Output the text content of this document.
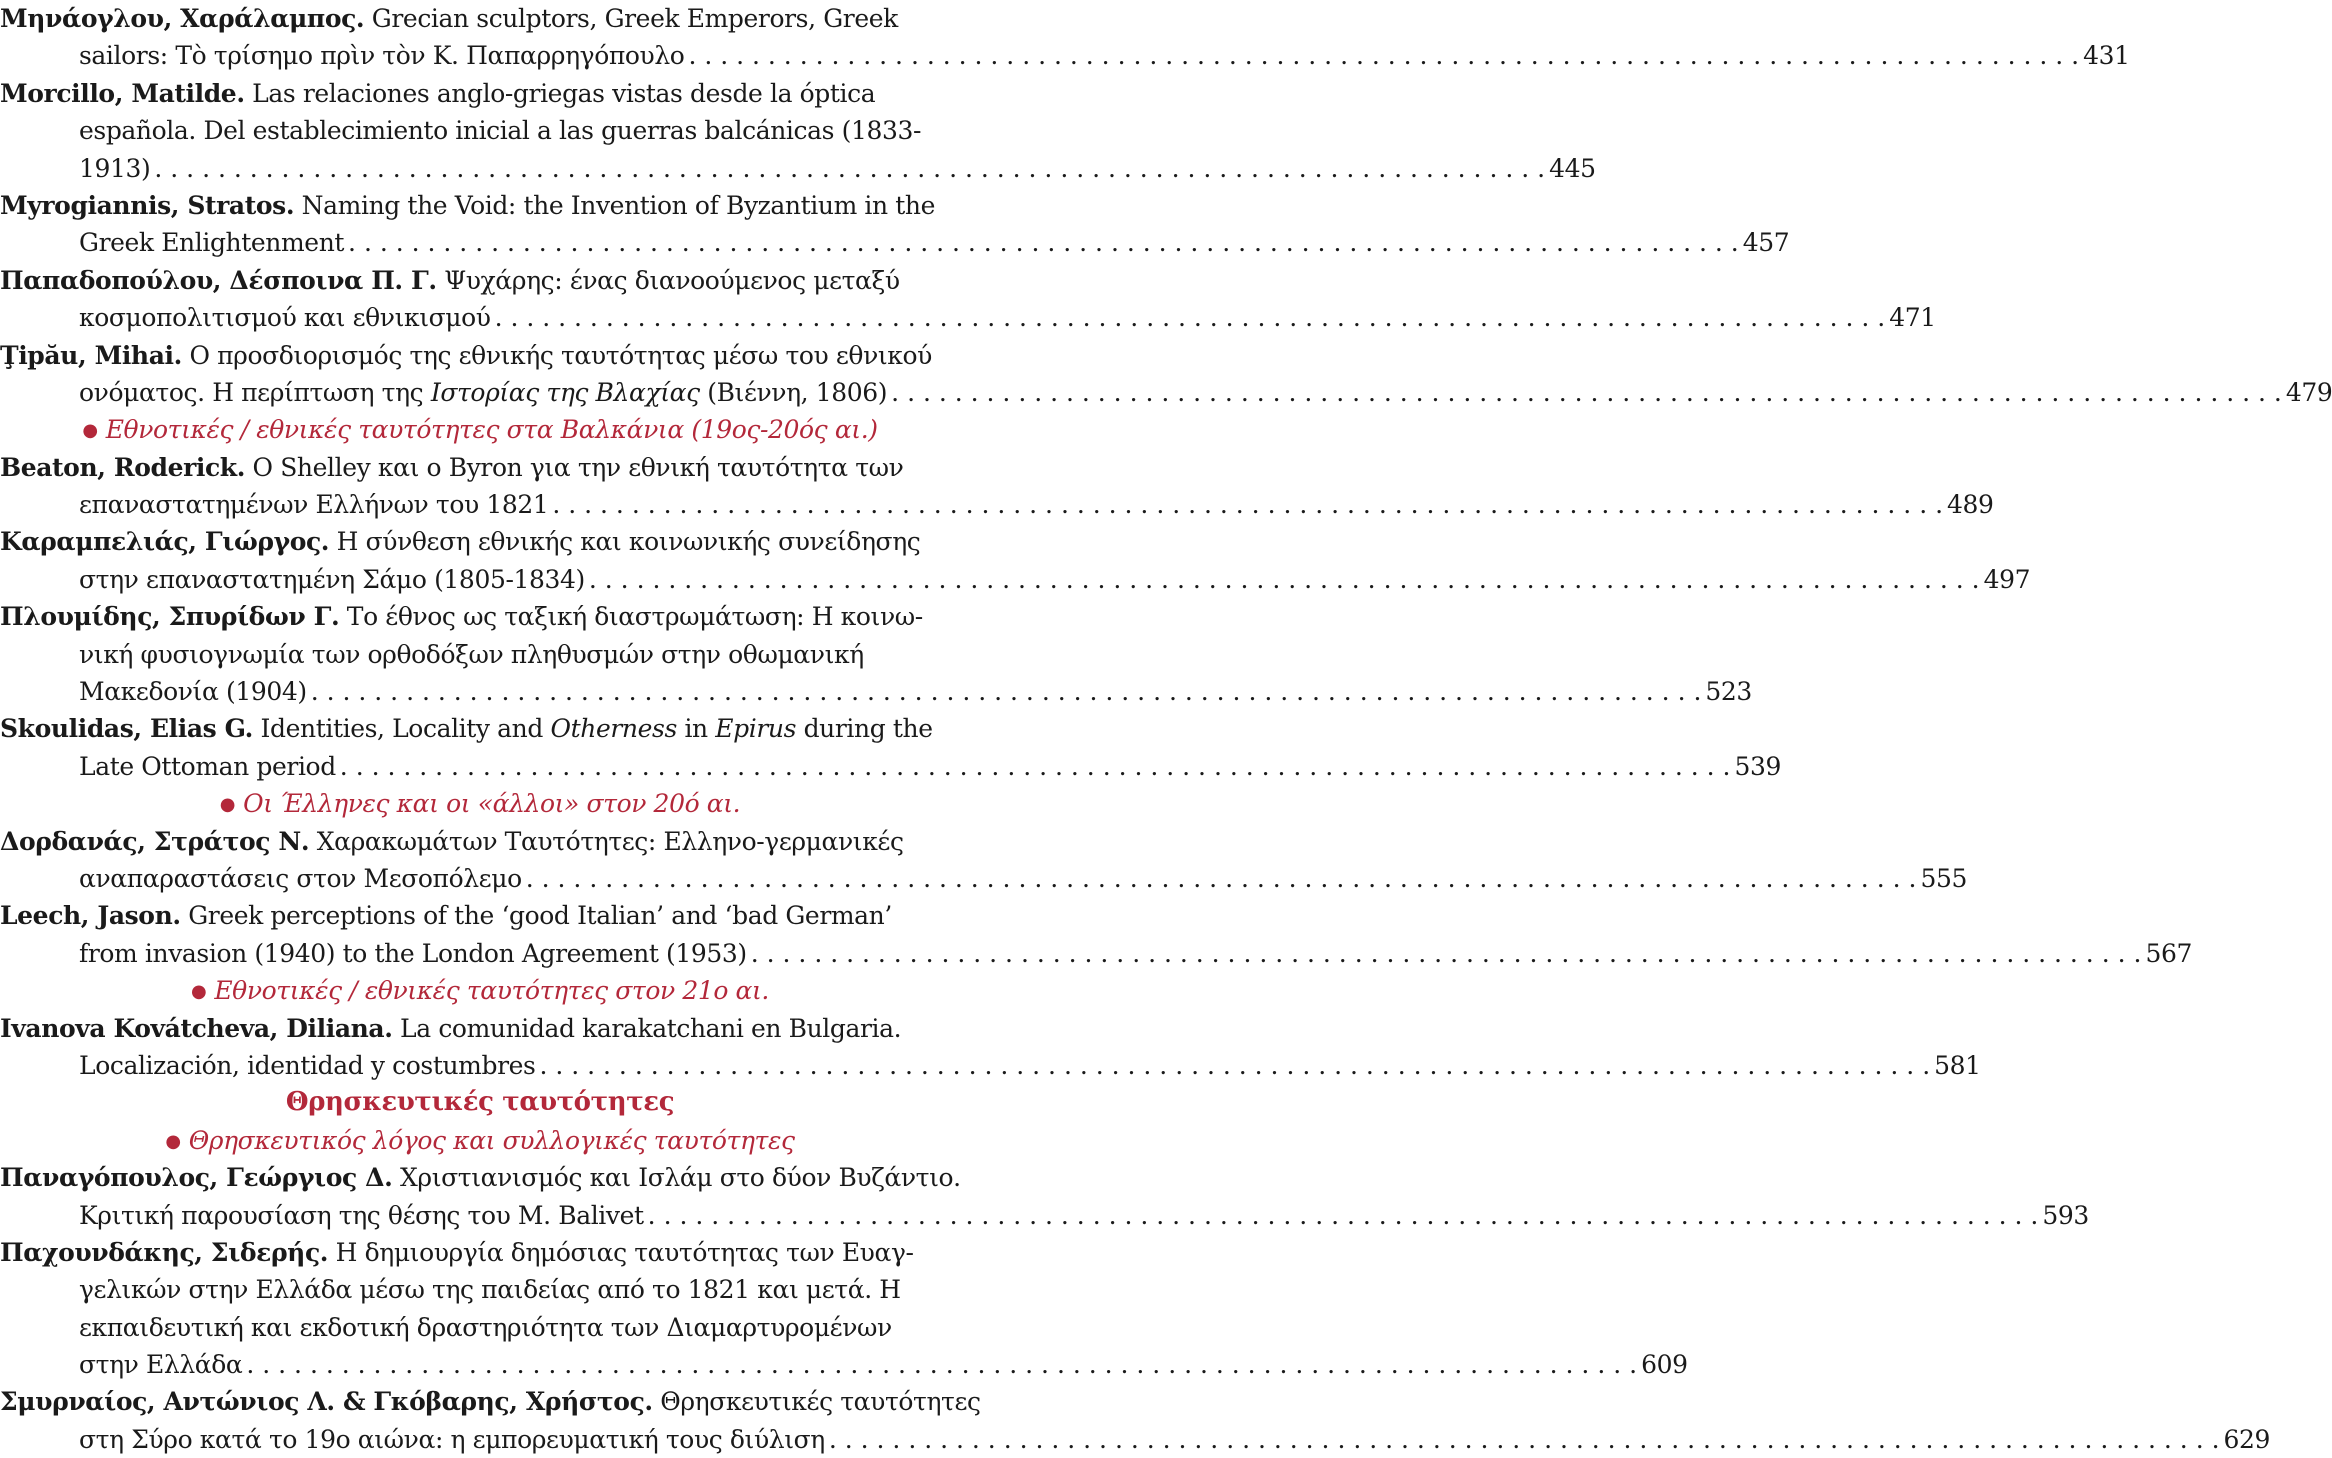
Μηνάογλου, Χαράλαμπος. Grecian sculptors, Greek Emperors, Greek
sailors: Τὸ τρίσημο πρὶν τὸν Κ. Παπαρρηγόπουλο . . .	431
Morcillo, Matilde. Las relaciones anglo-griegas vistas desde la óptica
española. Del establecimiento inicial a las guerras balcánicas (1833-
1913) . . .	445
Myrogiannis, Stratos. Naming the Void: the Invention of Byzantium in the
Greek Enlightenment . . .	457
Παπαδοπούλου, Δέσποινα Π. Γ. Ψυχάρης: ένας διανοούμενος μεταξύ
κοσμοπολιτισμού και εθνικισμού . . .	471
Ţipău, Mihai. Ο προσδιορισμός της εθνικής ταυτότητας μέσω του εθνικού
ονόματος. Η περίπτωση της Ιστορίας της Βλαχίας (Βιέννη, 1806) . . .	479
● Εθνοτικές / εθνικές ταυτότητες στα Βαλκάνια (19ος-20ός αι.)
Beaton, Roderick. Ο Shelley και ο Byron για την εθνική ταυτότητα των
επαναστατημένων Ελλήνων του 1821 . . .	489
Καραμπελιάς, Γιώργος. Η σύνθεση εθνικής και κοινωνικής συνείδησης
στην επαναστατημένη Σάμο (1805-1834) . . .	497
Πλουμίδης, Σπυρίδων Γ. Το έθνος ως ταξική διαστρωμάτωση: Η κοινω-
νική φυσιογνωμία των ορθοδόξων πληθυσμών στην οθωμανική
Μακεδονία (1904) . . .	523
Skoulidas, Elias G. Identities, Locality and Otherness in Epirus during the
Late Ottoman period . . .	539
● Οι Έλληνες και οι «άλλοι» στον 20ό αι.
Δορδανάς, Στράτος Ν. Χαρακωμάτων Ταυτότητες: Ελληνο-γερμανικές
αναπαραστάσεις στον Μεσοπόλεμο . . .	555
Leech, Jason. Greek perceptions of the ‘good Italian’ and ‘bad German’
from invasion (1940) to the London Agreement (1953) . . .	567
● Εθνοτικές / εθνικές ταυτότητες στον 21ο αι.
Ivanova Kovátcheva, Diliana. La comunidad karakatchani en Bulgaria.
Localización, identidad y costumbres . . .	581
Θρησκευτικές ταυτότητες
● Θρησκευτικός λόγος και συλλογικές ταυτότητες
Παναγόπουλος, Γεώργιος Δ. Χριστιανισμός και Ισλάμ στο δύον Βυζάντιο.
Κριτική παρουσίαση της θέσης του M. Balivet . . .	593
Παχουνδάκης, Σιδερής. Η δημιουργία δημόσιας ταυτότητας των Ευαγ-
γελικών στην Ελλάδα μέσω της παιδείας από το 1821 και μετά. Η
εκπαιδευτική και εκδοτική δραστηριότητα των Διαμαρτυρομένων
στην Ελλάδα . . .	609
Σμυρναίος, Αντώνιος Λ. & Γκόβαρης, Χρήστος. Θρησκευτικές ταυτότητες
στη Σύρο κατά το 19ο αιώνα: η εμπορευματική τους διύλιση . . .	629
